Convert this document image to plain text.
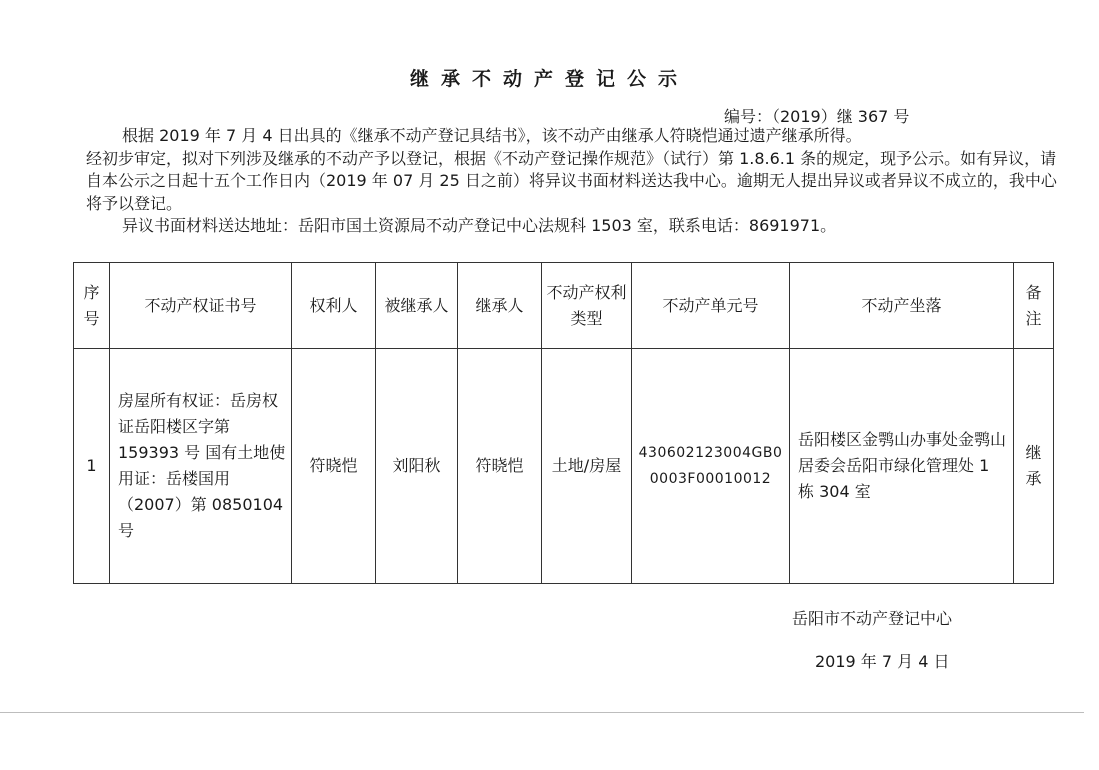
继承不动产登记公示
编号：（2019）继 367 号

根据 2019 年 7 月 4 日出具的《继承不动产登记具结书》，该不动产由继承人符晓恺通过遗产继承所得。

经初步审定，拟对下列涉及继承的不动产予以登记，根据《不动产登记操作规范》（试行）第 1.8.6.1 条的规定，现予公示。如有异议，请自本公示之日起十五个工作日内（2019 年 07 月 25 日之前）将异议书面材料送达我中心。逾期无人提出异议或者异议不成立的，我中心将予以登记。

异议书面材料送达地址：岳阳市国土资源局不动产登记中心法规科 1503 室，联系电话：8691971。

序号	不动产权证书号	权利人	被继承人	继承人	不动产权利类型	不动产单元号	不动产坐落	备注
1	房屋所有权证：岳房权证岳阳楼区字第 159393 号 国有土地使用证：岳楼国用（2007）第 0850104 号	符晓恺	刘阳秋	符晓恺	土地/房屋	430602123004GB00003F00010012	岳阳楼区金鹗山办事处金鹗山居委会岳阳市绿化管理处 1 栋 304 室	继承
岳阳市不动产登记中心
2019 年 7 月 4 日
